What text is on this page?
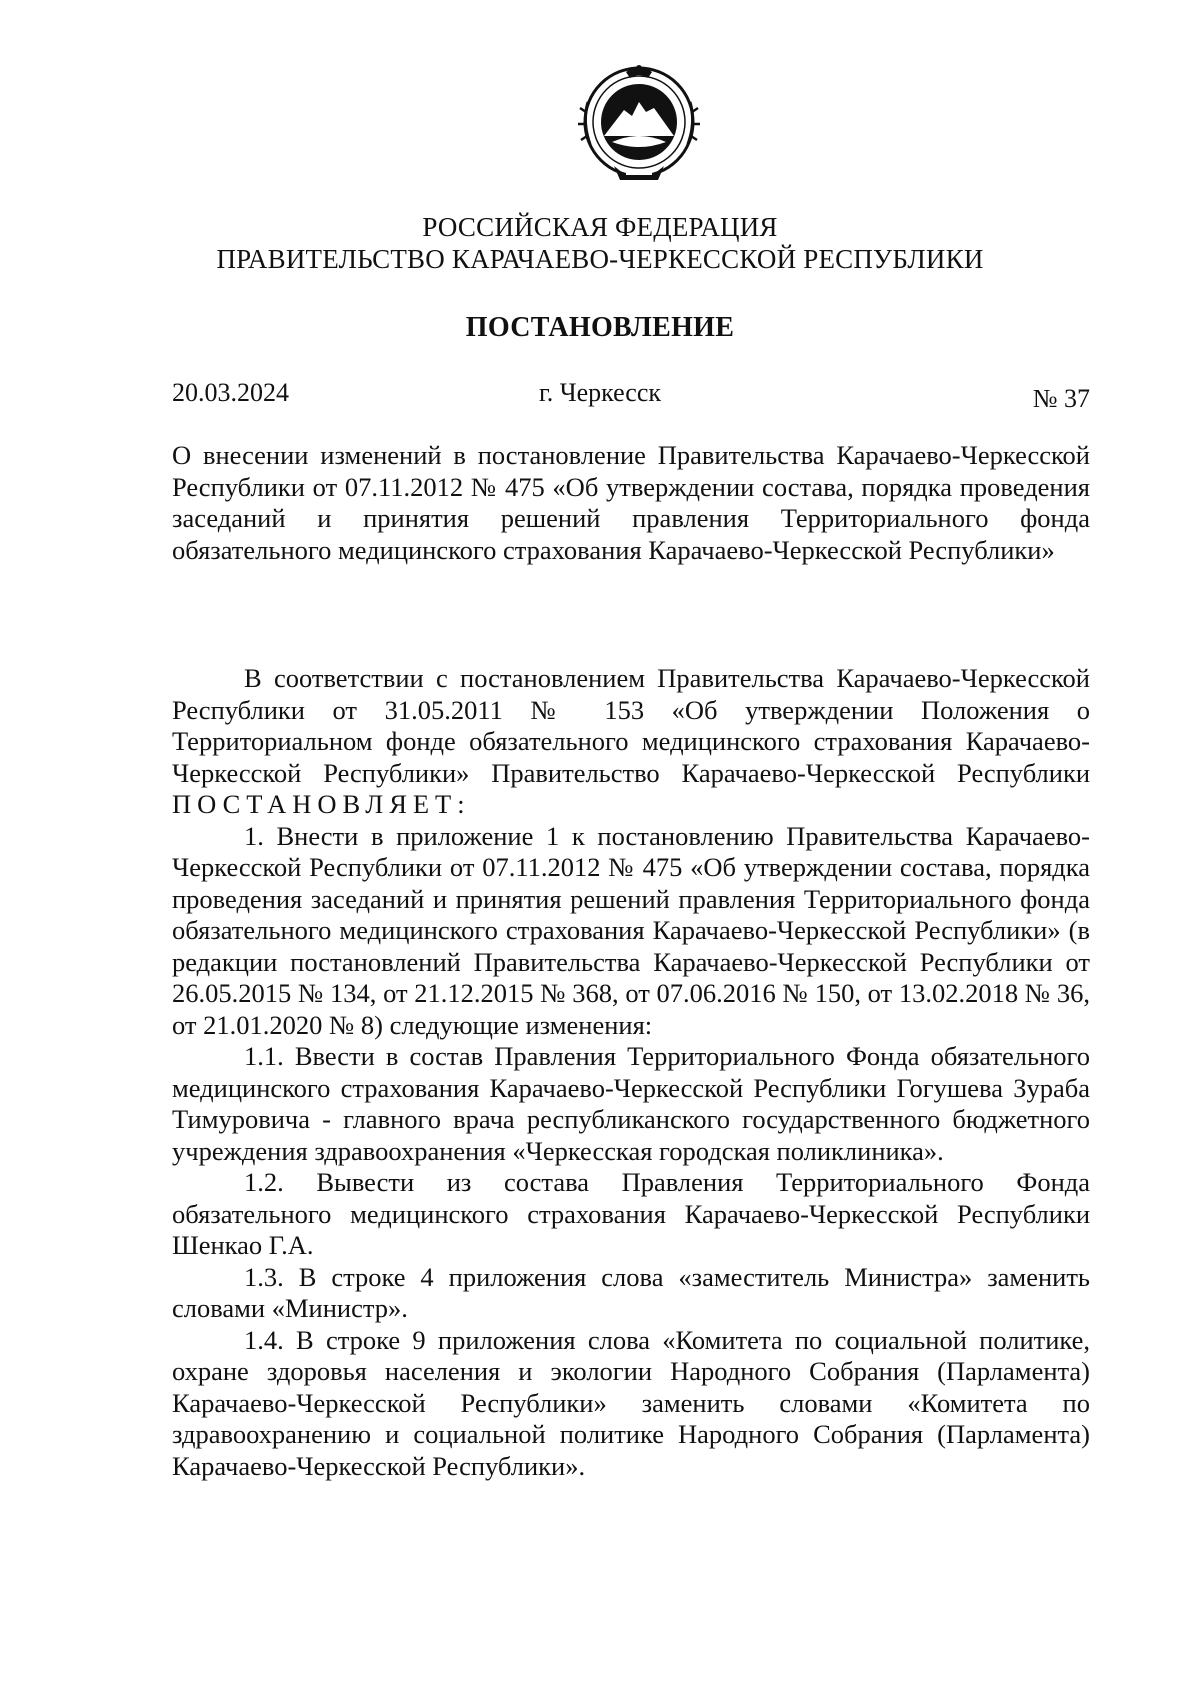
РОССИЙСКАЯ ФЕДЕРАЦИЯ
ПРАВИТЕЛЬСТВО КАРАЧАЕВО-ЧЕРКЕССКОЙ РЕСПУБЛИКИ
ПОСТАНОВЛЕНИЕ
г. Черкесск
20.03.2024	№ 37
О внесении изменений в постановление Правительства Карачаево-Черкесской Республики от 07.11.2012 № 475 «Об утверждении состава, порядка проведения заседаний и принятия решений правления Территориального фонда обязательного медицинского страхования Карачаево-Черкесской Республики»

В соответствии с постановлением Правительства Карачаево-Черкесской Республики от 31.05.2011 № 153 «Об утверждении Положения о Территориальном фонде обязательного медицинского страхования Карачаево-Черкесской Республики» Правительство Карачаево-Черкесской Республики ПОСТАНОВЛЯЕТ:

1. Внести в приложение 1 к постановлению Правительства Карачаево-Черкесской Республики от 07.11.2012 № 475 «Об утверждении состава, порядка проведения заседаний и принятия решений правления Территориального фонда обязательного медицинского страхования Карачаево-Черкесской Республики» (в редакции постановлений Правительства Карачаево-Черкесской Республики от 26.05.2015 № 134, от 21.12.2015 № 368, от 07.06.2016 № 150, от 13.02.2018 № 36, от 21.01.2020 № 8) следующие изменения:

1.1. Ввести в состав Правления Территориального Фонда обязательного медицинского страхования Карачаево-Черкесской Республики Гогушева Зураба Тимуровича - главного врача республиканского государственного бюджетного учреждения здравоохранения «Черкесская городская поликлиника».

1.2. Вывести из состава Правления Территориального Фонда обязательного медицинского страхования Карачаево-Черкесской Республики Шенкао Г.А.

1.3. В строке 4 приложения слова «заместитель Министра» заменить словами «Министр».

1.4. В строке 9 приложения слова «Комитета по социальной политике, охране здоровья населения и экологии Народного Собрания (Парламента) Карачаево-Черкесской Республики» заменить словами «Комитета по здравоохранению и социальной политике Народного Собрания (Парламента) Карачаево-Черкесской Республики».
